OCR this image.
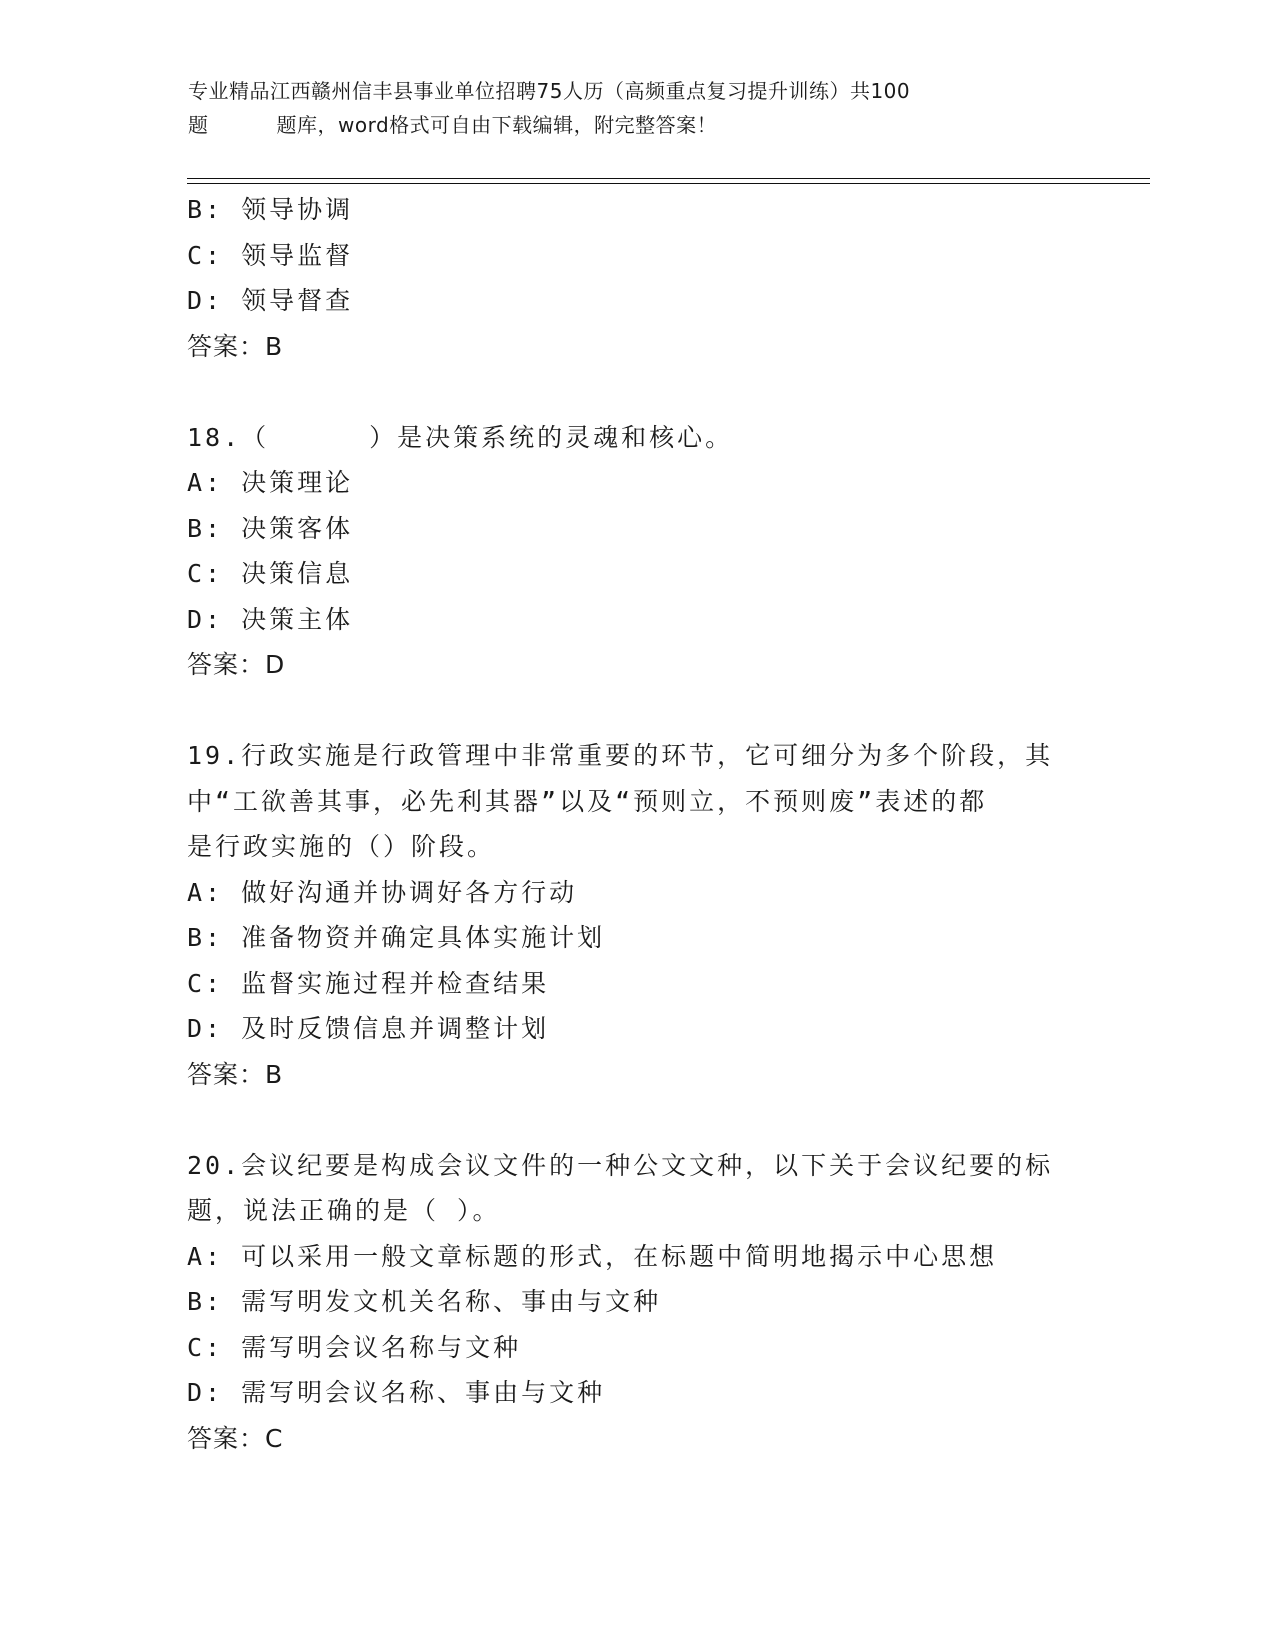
专业精品江西赣州信丰县事业单位招聘75人历（高频重点复习提升训练）共100
题	题库，word格式可自由下载编辑，附完整答案！
B: 领导协调
C: 领导监督
D: 领导督查
答案：B
18.（	）是决策系统的灵魂和核心。
A: 决策理论
B: 决策客体
C: 决策信息
D: 决策主体
答案：D
19.行政实施是行政管理中非常重要的环节，它可细分为多个阶段，其
中“工欲善其事，必先利其器”以及“预则立，不预则废”表述的都
是行政实施的（）阶段。
A: 做好沟通并协调好各方行动
B: 准备物资并确定具体实施计划
C: 监督实施过程并检查结果
D: 及时反馈信息并调整计划
答案：B
20.会议纪要是构成会议文件的一种公文文种，以下关于会议纪要的标
题，说法正确的是（ ）。
A: 可以采用一般文章标题的形式，在标题中简明地揭示中心思想
B: 需写明发文机关名称、事由与文种
C: 需写明会议名称与文种
D: 需写明会议名称、事由与文种
答案：C
